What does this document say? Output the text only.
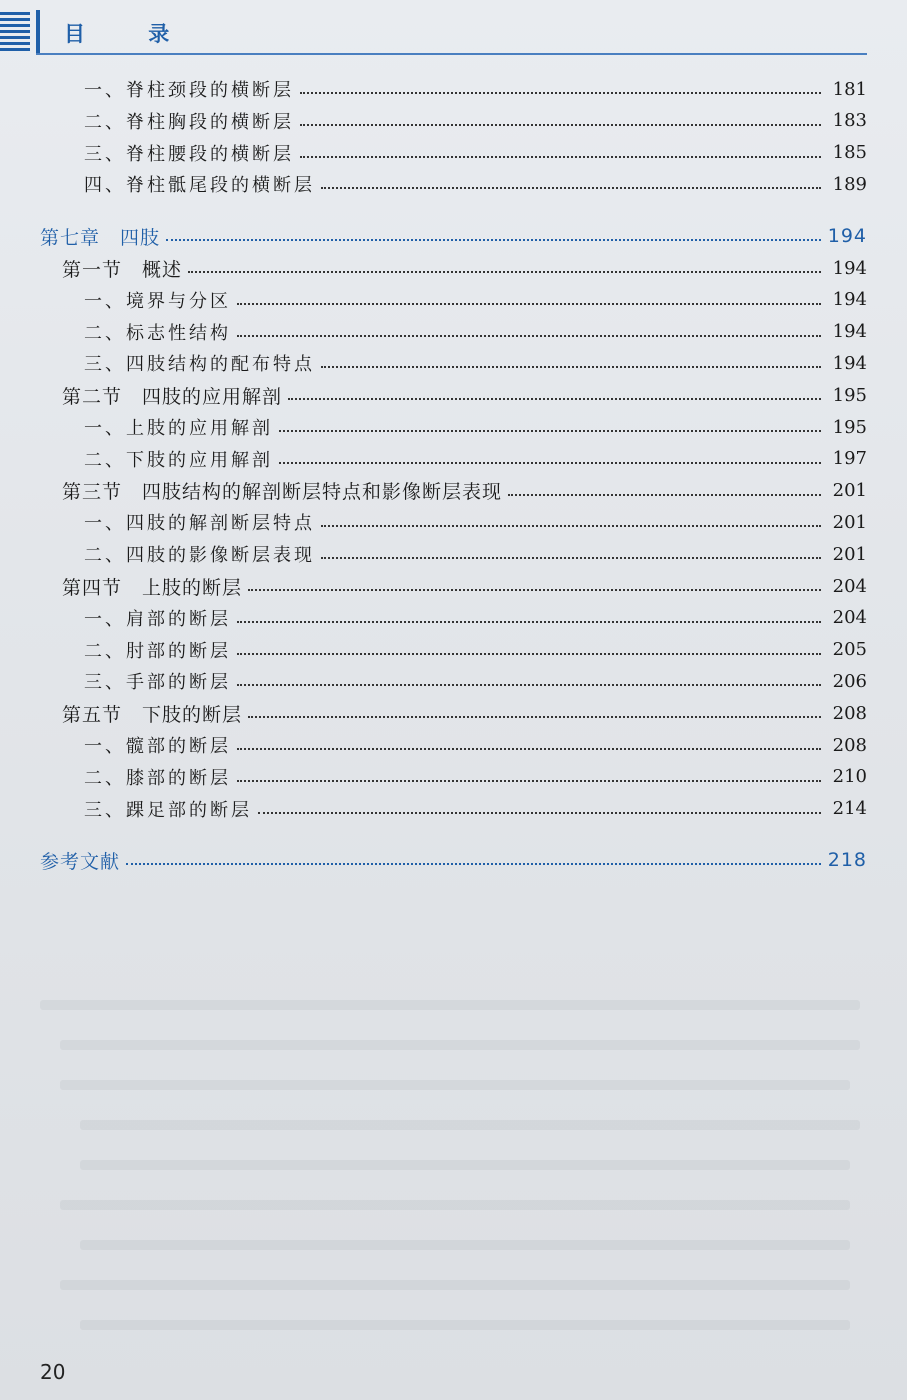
目 录
一、脊柱颈段的横断层	181
二、脊柱胸段的横断层	183
三、脊柱腰段的横断层	185
四、脊柱骶尾段的横断层	189
第七章　四肢	194
第一节　概述	194
一、境界与分区	194
二、标志性结构	194
三、四肢结构的配布特点	194
第二节　四肢的应用解剖	195
一、上肢的应用解剖	195
二、下肢的应用解剖	197
第三节　四肢结构的解剖断层特点和影像断层表现	201
一、四肢的解剖断层特点	201
二、四肢的影像断层表现	201
第四节　上肢的断层	204
一、肩部的断层	204
二、肘部的断层	205
三、手部的断层	206
第五节　下肢的断层	208
一、髋部的断层	208
二、膝部的断层	210
三、踝足部的断层	214
参考文献	218
20
